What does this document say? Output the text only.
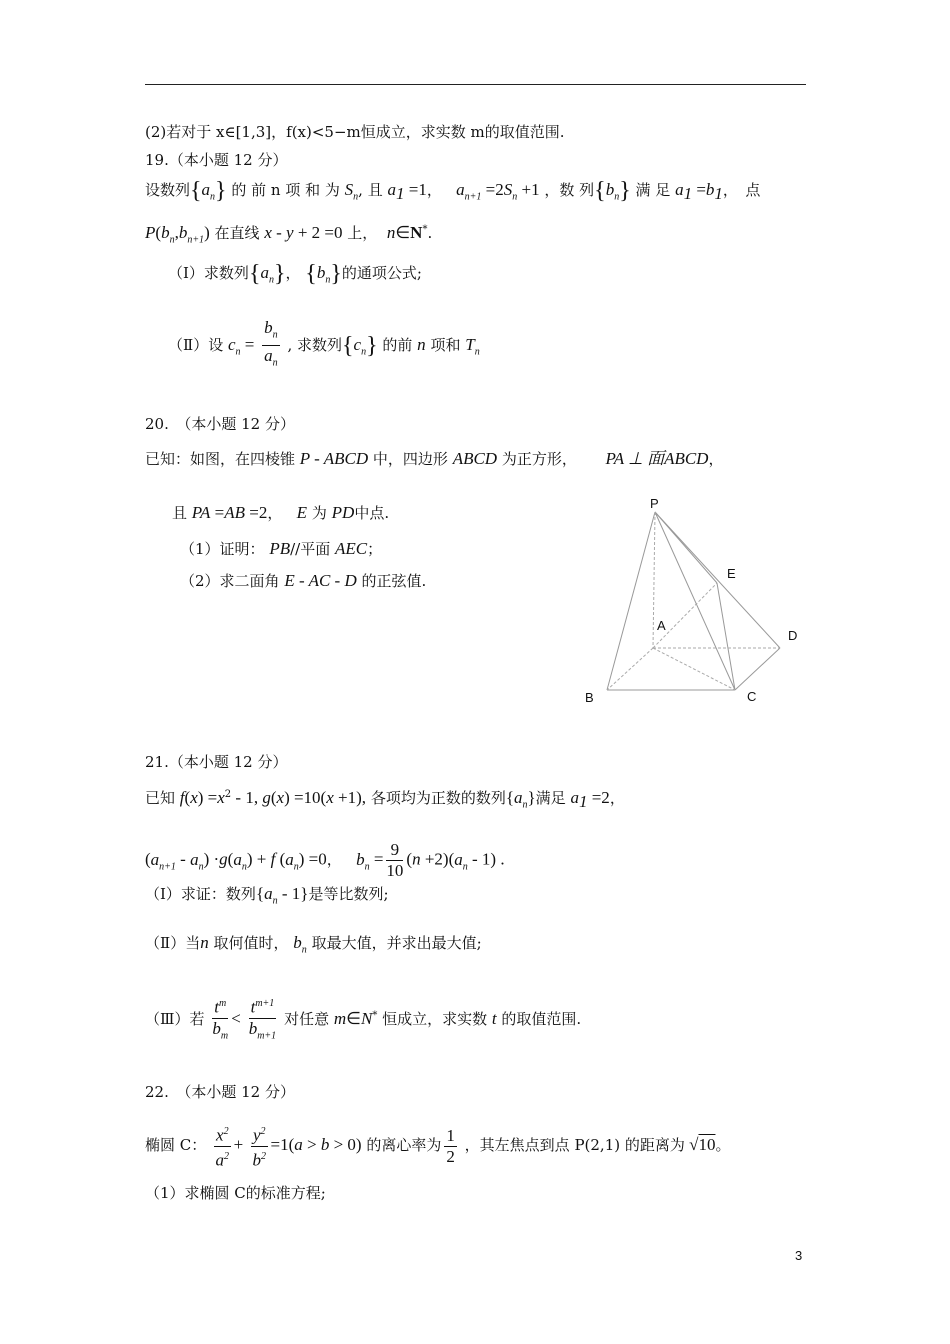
(2)若对于 x∈[1,3]，f(x)<5−m恒成立，求实数 m的取值范围.
19.（本小题 12 分）
设数列$\{a_n\}$ 的 前 n 项 和 为 $S_n$, 且 $a_1 =1$， $a_{n+1} =2S_n +1$ ，数 列$\{b_n\}$ 满 足 $a_1 =b_1$，　点
$P(b_n,b_{n+1})$ 在直线 x - y + 2 =0 上， n∈N*.
（Ⅰ）求数列$\{a_n\}$， $\{b_n\}$的通项公式;
（Ⅱ）设 $c_n = \frac{b_n}{a_n}$ , 求数列$\{c_n\}$ 的前 n 项和 $T_n$
20.　（本小题 12 分）
已知：如图，在四棱锥 P - ABCD 中，四边形 ABCD 为正方形， PA ⊥ 面ABCD，
且 PA =AB =2， E 为 PD中点.
（1）证明： PB//平面 AEC；
（2）求二面角 E - AC - D 的正弦值.
P
E
A
D
B	C
21.（本小题 12 分）
已知 $f(x) =x^2 - 1$, g(x) =10(x +1), 各项均为正数的数列$\{a_n\}$满足 $a_1 =2$，
$(a_{n+1} - a_n) \cdot g(a_n) + f$ $(a_n) =0$， $b_n = \frac{9}{10} (n +2)(a_n - 1)$ .
（Ⅰ）求证：数列$\{a_n - 1\}$是等比数列;
（Ⅱ）当n 取何值时， $b_n$ 取最大值，并求出最大值;
（Ⅲ）若 $\frac{t^m}{b_m} < \frac{t^{m+1}}{b_{m+1}}$ 对任意 m∈N* 恒成立，求实数 t 的取值范围.
22.　（本小题 12 分）
椭圆 C： $\frac{x^2}{a^2} + \frac{y^2}{b^2} =1(a > b > 0)$ 的离心率为 $\frac{1}{2}$ ，其左焦点到点 P(2,1) 的距离为 √10。
（1）求椭圆 C的标准方程;
3
